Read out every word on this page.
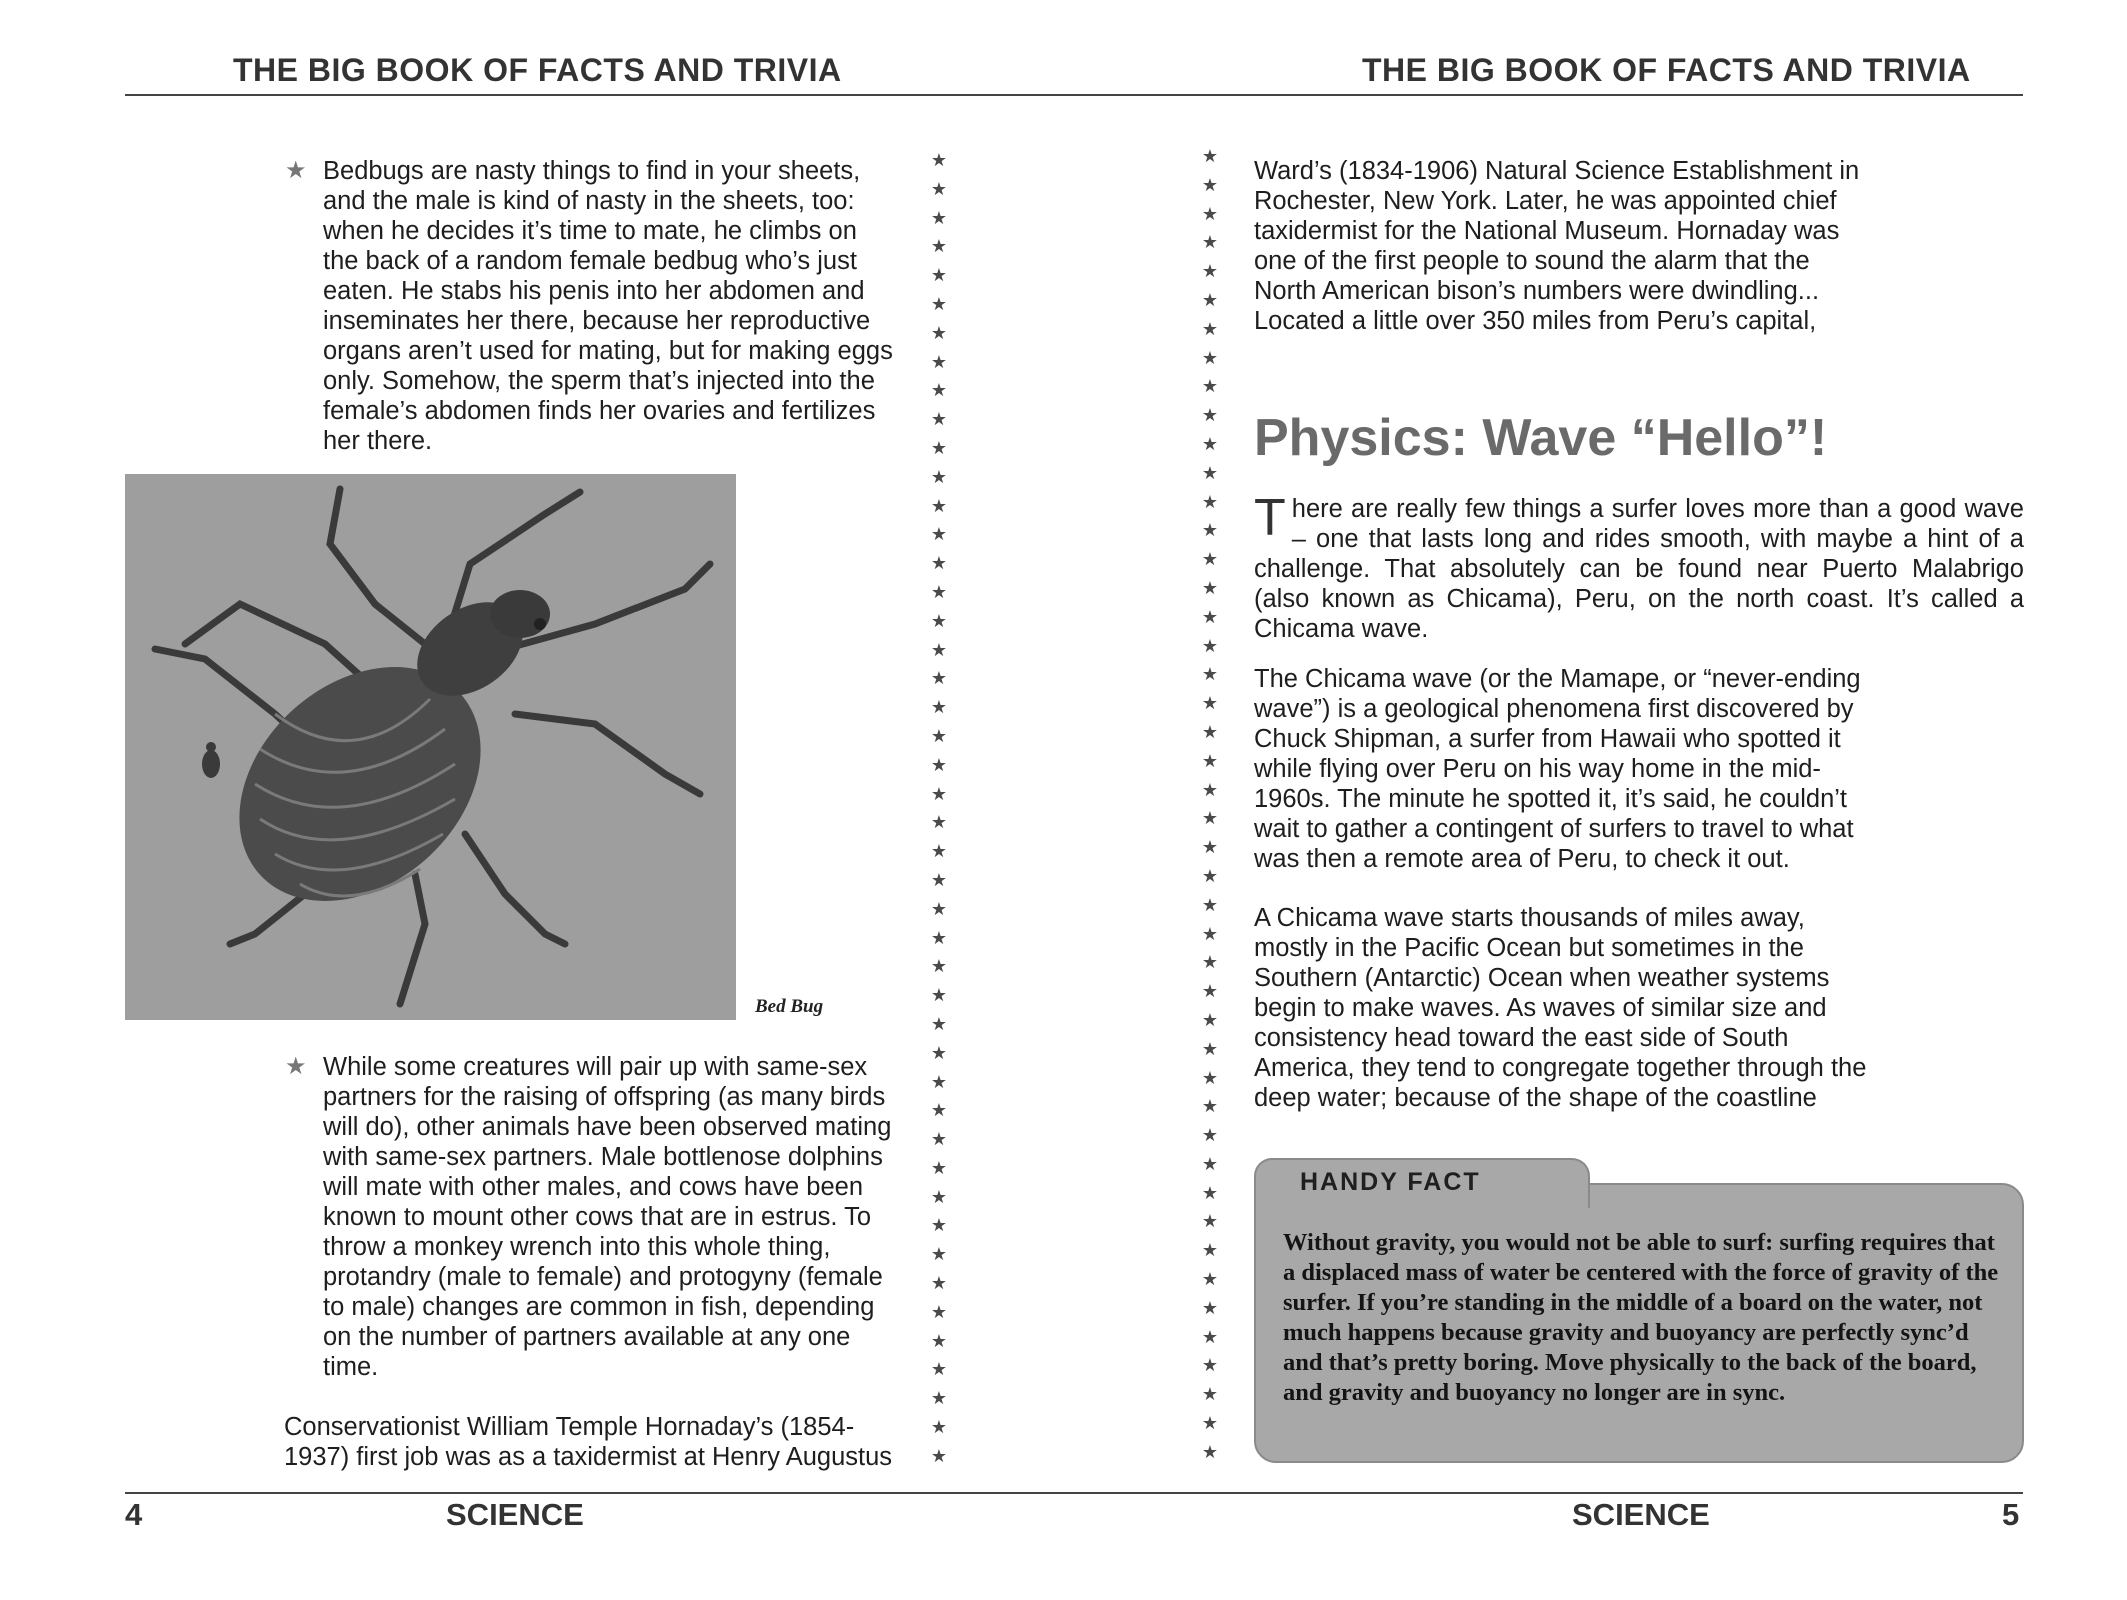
THE BIG BOOK OF FACTS AND TRIVIA	THE BIG BOOK OF FACTS AND TRIVIA
★ Bedbugs are nasty things to find in your sheets, and the male is kind of nasty in the sheets, too: when he decides it’s time to mate, he climbs on the back of a random female bedbug who’s just eaten. He stabs his penis into her abdomen and inseminates her there, because her reproductive organs aren’t used for mating, but for making eggs only. Somehow, the sperm that’s injected into the female’s abdomen finds her ovaries and fertilizes her there.

Bed Bug
★ While some creatures will pair up with same-sex partners for the raising of offspring (as many birds will do), other animals have been observed mating with same-sex partners. Male bottlenose dolphins will mate with other males, and cows have been known to mount other cows that are in estrus. To throw a monkey wrench into this whole thing, protandry (male to female) and protogyny (female to male) changes are common in fish, depending on the number of partners available at any one time.

Conservationist William Temple Hornaday’s (1854-1937) first job was as a taxidermist at Henry Augustus

★
★
★
★
★
★
★
★
★
★
★
★
★
★
★
★
★
★
★
★
★
★
★
★
★
★
★
★
★
★
★
★
★
★
★
★
★
★
★
★
★
★
★
★
★
★
★
★
★
★
★
★
★
★
★
★
★
★
★
★
★
★
★
★
★
★
★
★
★
★
★
★
★
★
★
★
★
★
★
★
★
★
★
★
★
★
★
★
★
★
★
★

Ward’s (1834-1906) Natural Science Establishment in Rochester, New York. Later, he was appointed chief taxidermist for the National Museum. Hornaday was one of the first people to sound the alarm that the North American bison’s numbers were dwindling... Located a little over 350 miles from Peru’s capital,

Physics: Wave “Hello”!
There are really few things a surfer loves more than a good wave – one that lasts long and rides smooth, with maybe a hint of a challenge. That absolutely can be found near Puerto Malabrigo (also known as Chicama), Peru, on the north coast. It’s called a Chicama wave.

The Chicama wave (or the Mamape, or “never-ending wave”) is a geological phenomena first discovered by Chuck Shipman, a surfer from Hawaii who spotted it while flying over Peru on his way home in the mid-1960s. The minute he spotted it, it’s said, he couldn’t wait to gather a contingent of surfers to travel to what was then a remote area of Peru, to check it out.

A Chicama wave starts thousands of miles away, mostly in the Pacific Ocean but sometimes in the Southern (Antarctic) Ocean when weather systems begin to make waves. As waves of similar size and consistency head toward the east side of South America, they tend to congregate together through the deep water; because of the shape of the coastline

HANDY FACT
Without gravity, you would not be able to surf: surfing requires that a displaced mass of water be centered with the force of gravity of the surfer. If you’re standing in the middle of a board on the water, not much happens because gravity and buoyancy are perfectly sync’d and that’s pretty boring. Move physically to the back of the board, and gravity and buoyancy no longer are in sync.
4	SCIENCE	SCIENCE	5
